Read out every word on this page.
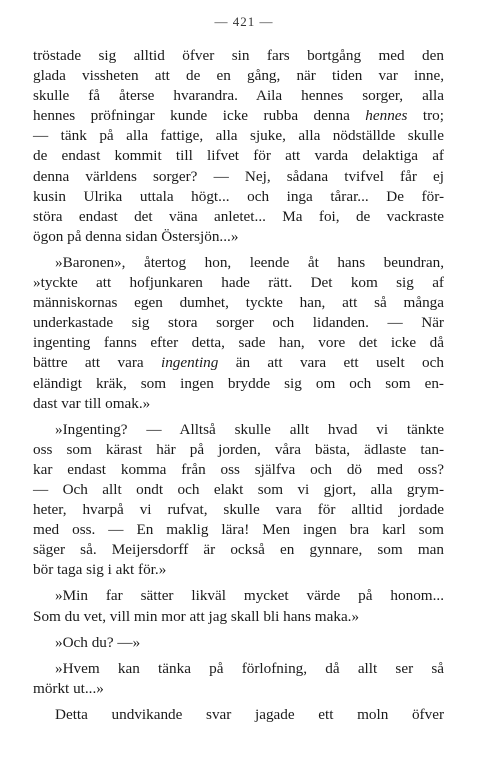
— 421 —
tröstade sig alltid öfver sin fars bortgång med den
glada vissheten att de en gång, när tiden var inne,
skulle få återse hvarandra. Aila hennes sorger, alla
hennes pröfningar kunde icke rubba denna hennes tro;
— tänk på alla fattige, alla sjuke, alla nödställde skulle
de endast kommit till lifvet för att varda delaktiga af
denna världens sorger? — Nej, sådana tvifvel får ej
kusin Ulrika uttala högt... och inga tårar... De för-
störa endast det väna anletet... Ma foi, de vackraste
ögon på denna sidan Östersjön...»
»Baronen», återtog hon, leende åt hans beundran,
»tyckte att hofjunkaren hade rätt. Det kom sig af
människornas egen dumhet, tyckte han, att så många
underkastade sig stora sorger och lidanden. — När
ingenting fanns efter detta, sade han, vore det icke då
bättre att vara ingenting än att vara ett uselt och
eländigt kräk, som ingen brydde sig om och som en-
dast var till omak.»
»Ingenting? — Alltså skulle allt hvad vi tänkte
oss som kärast här på jorden, våra bästa, ädlaste tan-
kar endast komma från oss själfva och dö med oss?
— Och allt ondt och elakt som vi gjort, alla grym-
heter, hvarpå vi rufvat, skulle vara för alltid jordade
med oss. — En maklig lära! Men ingen bra karl som
säger så. Meijersdorff är också en gynnare, som man
bör taga sig i akt för.»
»Min far sätter likväl mycket värde på honom...
Som du vet, vill min mor att jag skall bli hans maka.»
»Och du? —»
»Hvem kan tänka på förlofning, då allt ser så
mörkt ut...»
Detta undvikande svar jagade ett moln öfver
